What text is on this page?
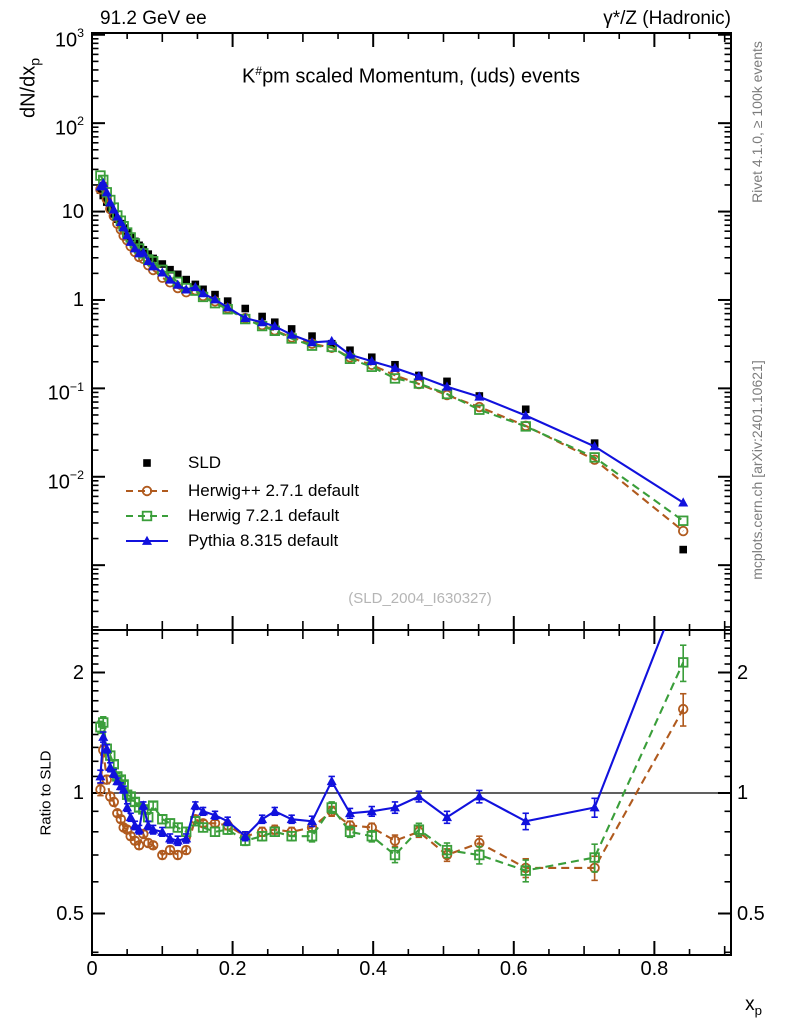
91.2 GeV ee	γ*/Z (Hadronic)
K#pm scaled Momentum, (uds) events
$dN/dx_p$
Ratio to SLD
$x_p$
Rivet 4.1.0, ≥ 100k events
mcplots.cern.ch [arXiv:2401.10621]
(SLD_2004_I630327)
SLD
Herwig++ 2.7.1 default
Herwig 7.2.1 default
Pythia 8.315 default
$10^3$
$10^2$
10
1
$10^{-1}$
$10^{-2}$
0	0.2	0.4	0.6	0.8
2	2
1	1
0.5	0.5
